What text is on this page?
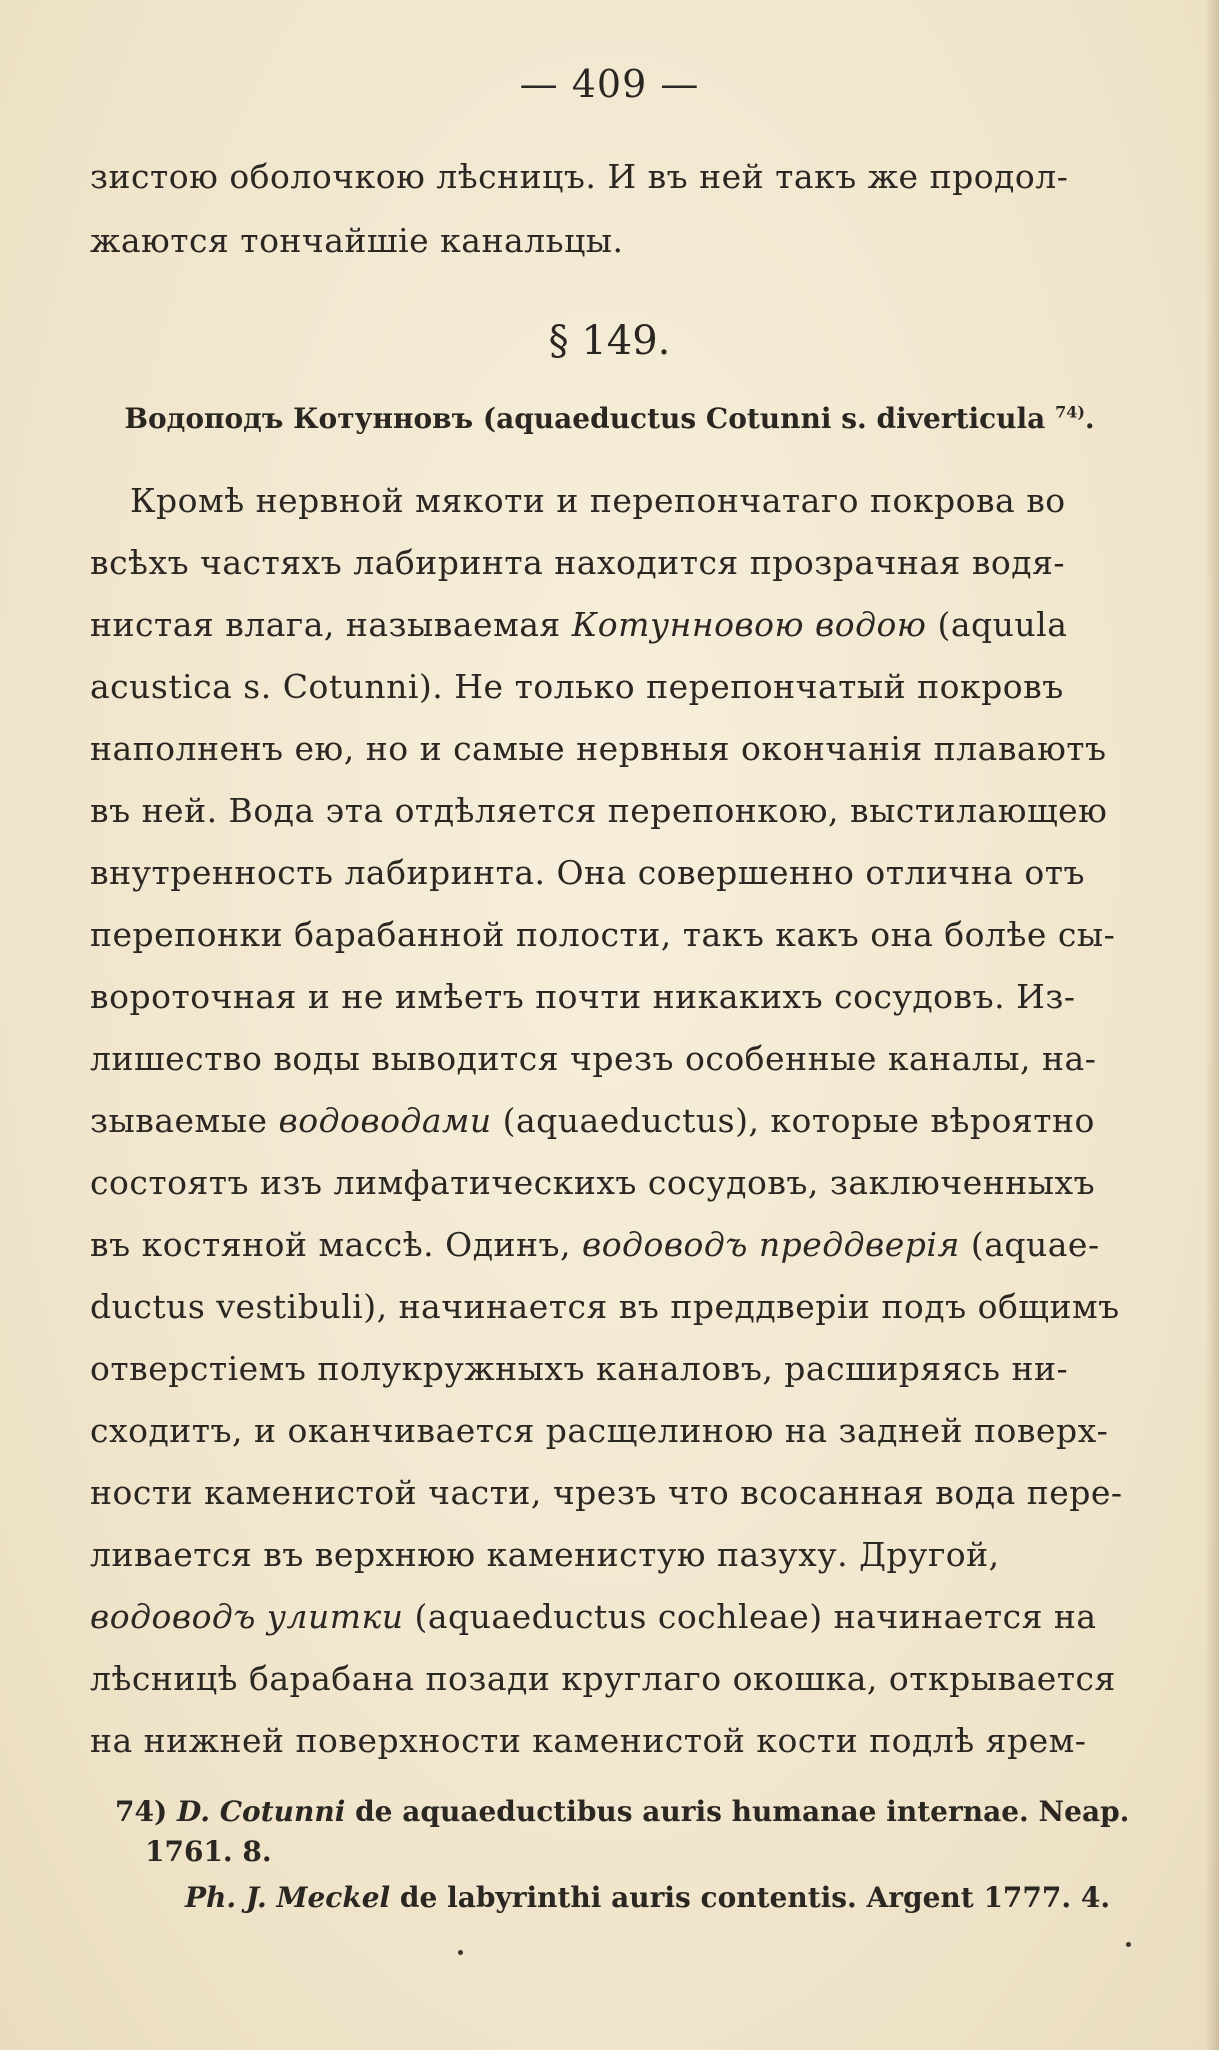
— 409 —
зистою оболочкою лѣсницъ. И въ ней такъ же продол-
жаются тончайшіе канальцы.
§ 149.
Водоподъ Котунновъ (aquaeductus Cotunni s. diverticula $^{74)}$.
Кромѣ нервной мякоти и перепончатаго покрова во
всѣхъ частяхъ лабиринта находится прозрачная водя-
нистая влага, называемая Котунновою водою (aquula
acustica s. Cotunni). Не только перепончатый покровъ
наполненъ ею, но и самые нервныя окончанія плаваютъ
въ ней. Вода эта отдѣляется перепонкою, выстилающею
внутренность лабиринта. Она совершенно отлична отъ
перепонки барабанной полости, такъ какъ она болѣе сы-
вороточная и не имѣетъ почти никакихъ сосудовъ. Из-
лишество воды выводится чрезъ особенные каналы, на-
зываемые водоводами (aquaeductus), которые вѣроятно
состоятъ изъ лимфатическихъ сосудовъ, заключенныхъ
въ костяной массѣ. Одинъ, водоводъ преддверія (aquae-
ductus vestibuli), начинается въ преддверіи подъ общимъ
отверстіемъ полукружныхъ каналовъ, расширяясь ни-
сходитъ, и оканчивается расщелиною на задней поверх-
ности каменистой части, чрезъ что всосанная вода пере-
ливается въ верхнюю каменистую пазуху. Другой,
водоводъ улитки (aquaeductus cochleae) начинается на
лѣсницѣ барабана позади круглаго окошка, открывается
на нижней поверхности каменистой кости подлѣ ярем-
74) D. Cotunni de aquaeductibus auris humanae internae. Neap.
1761. 8.
Ph. J. Meckel de labyrinthi auris contentis. Argent 1777. 4.
